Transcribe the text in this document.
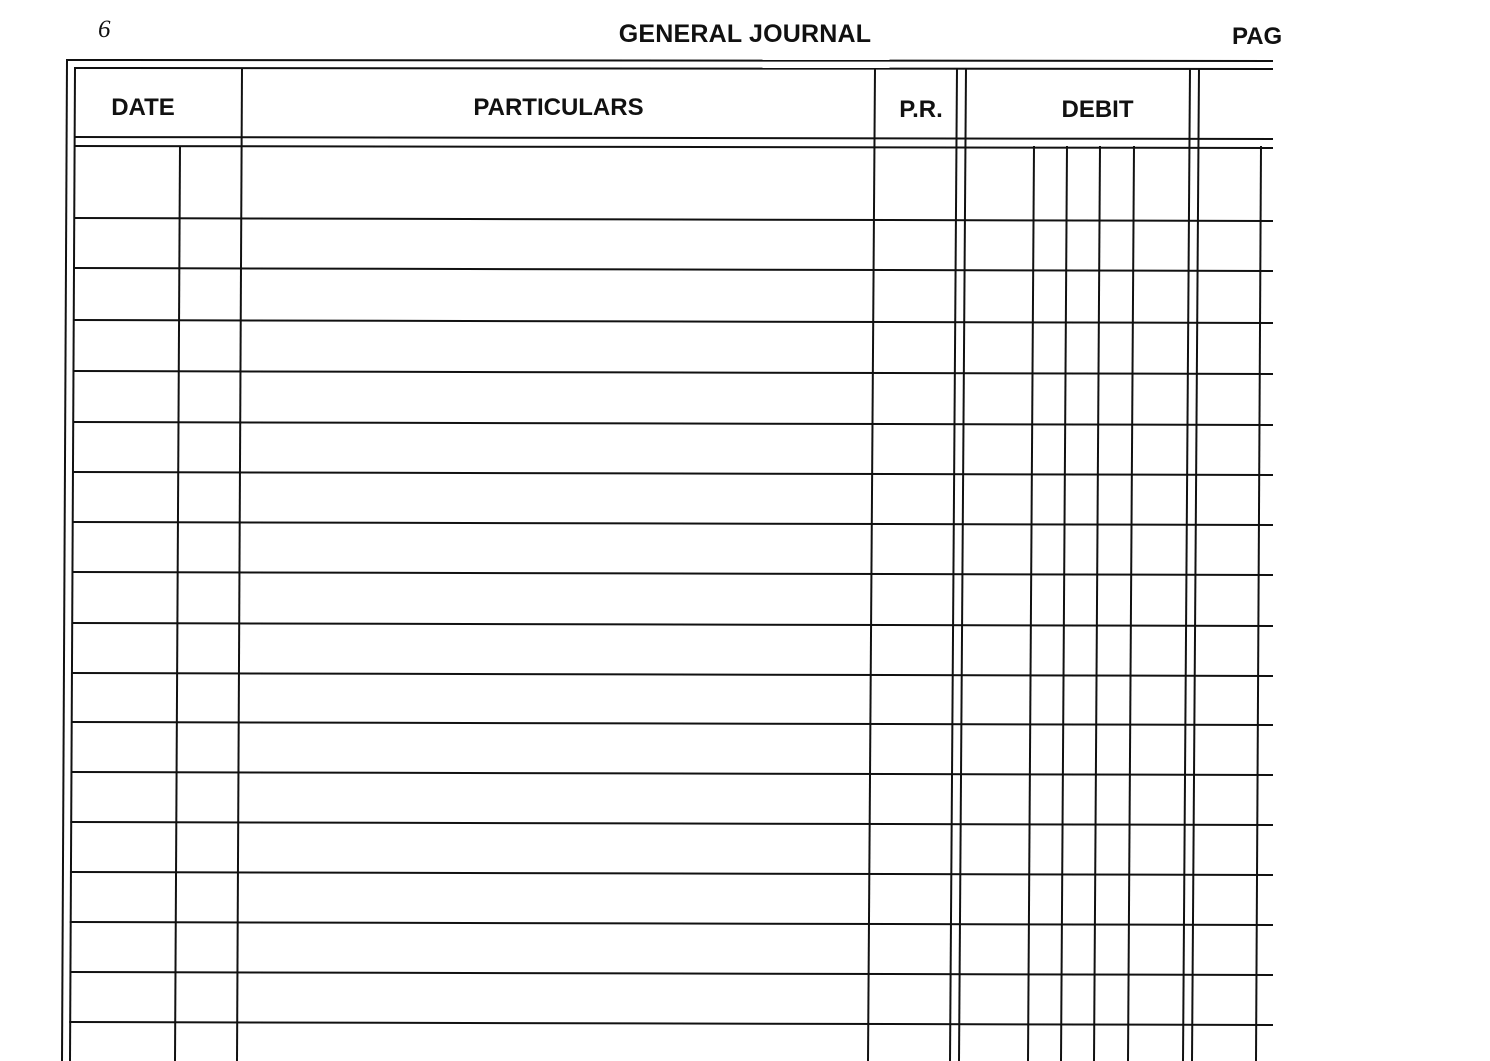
6	GENERAL JOURNAL	PAG
DATE	PARTICULARS	P.R.	DEBIT
